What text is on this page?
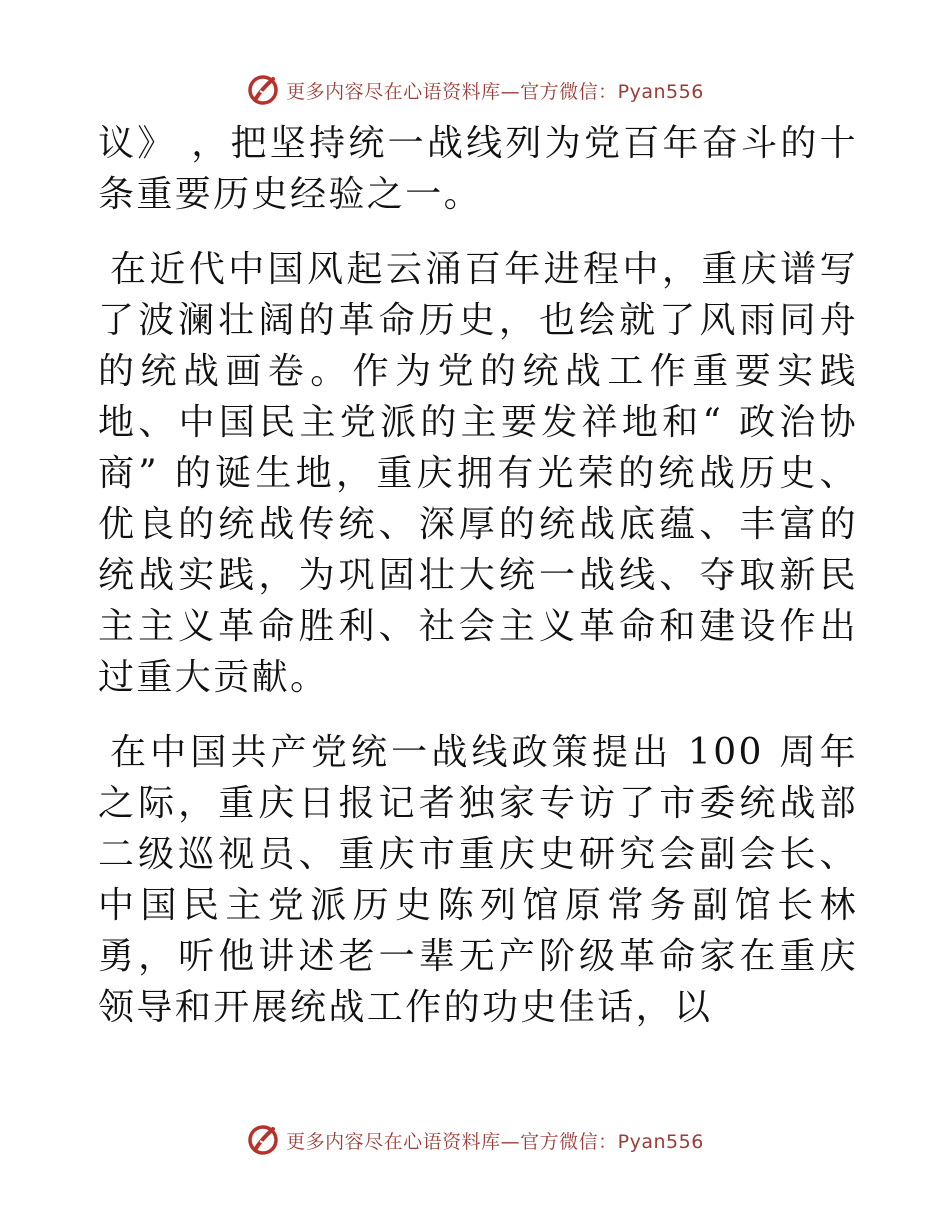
更多内容尽在心语资料库—官方微信：Pyan556

议》 ，把坚持统一战线列为党百年奋斗的十条重要历史经验之一。

在近代中国风起云涌百年进程中，重庆谱写了波澜壮阔的革命历史，也绘就了风雨同舟的统战画卷。作为党的统战工作重要实践地、中国民主党派的主要发祥地和“ 政治协商” 的诞生地，重庆拥有光荣的统战历史、优良的统战传统、深厚的统战底蕴、丰富的统战实践，为巩固壮大统一战线、夺取新民主主义革命胜利、社会主义革命和建设作出过重大贡献。

在中国共产党统一战线政策提出 100 周年之际，重庆日报记者独家专访了市委统战部二级巡视员、重庆市重庆史研究会副会长、中国民主党派历史陈列馆原常务副馆长林勇，听他讲述老一辈无产阶级革命家在重庆领导和开展统战工作的功史佳话，以

更多内容尽在心语资料库—官方微信：Pyan556
